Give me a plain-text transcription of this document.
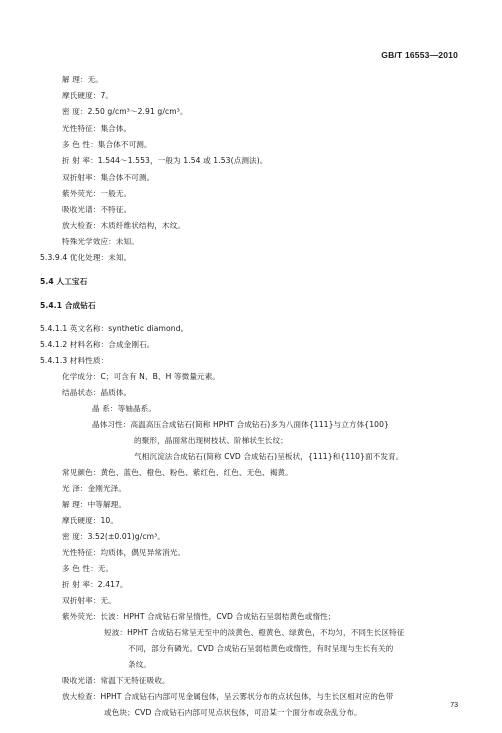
GB/T 16553—2010
解 理：无。
摩氏硬度：7。
密 度：2.50 g/cm³～2.91 g/cm³。
光性特征：集合体。
多 色 性：集合体不可测。
折 射 率：1.544～1.553，一般为 1.54 或 1.53(点测法)。
双折射率：集合体不可测。
紫外荧光：一般无。
吸收光谱：不特征。
放大检查：木质纤维状结构，木纹。
特殊光学效应：未知。
5.3.9.4 优化处理：未知。
5.4 人工宝石
5.4.1 合成钻石
5.4.1.1 英文名称：synthetic diamond。
5.4.1.2 材料名称：合成金刚石。
5.4.1.3 材料性质：
化学成分：C；可含有 N、B、H 等微量元素。
结晶状态：晶质体。
晶 系：等轴晶系。
晶体习性：高温高压合成钻石(简称 HPHT 合成钻石)多为八面体{111}与立方体{100}
的聚形，晶面常出现树枝状、阶梯状生长纹；
气相沉淀法合成钻石(简称 CVD 合成钻石)呈板状，{111}和{110}面不发育。
常见颜色：黄色、蓝色、橙色、粉色、紫红色、红色、无色、褐黄。
光 泽：金刚光泽。
解 理：中等解理。
摩氏硬度：10。
密 度：3.52(±0.01)g/cm³。
光性特征：均质体，偶见异常消光。
多 色 性：无。
折 射 率：2.417。
双折射率：无。
紫外荧光：长波：HPHT 合成钻石常呈惰性，CVD 合成钻石呈弱桔黄色或惰性；
短波：HPHT 合成钻石常呈无至中的淡黄色、橙黄色、绿黄色，不均匀，不同生长区特征
不同，部分有磷光。CVD 合成钻石呈弱桔黄色或惰性，有时呈现与生长有关的
条纹。
吸收光谱：常温下无特征吸收。
放大检查：HPHT 合成钻石内部可见金属包体，呈云雾状分布的点状包体，与生长区相对应的色带
或色块；CVD 合成钻石内部可见点状包体，可沿某一个面分布或杂乱分布。
73
